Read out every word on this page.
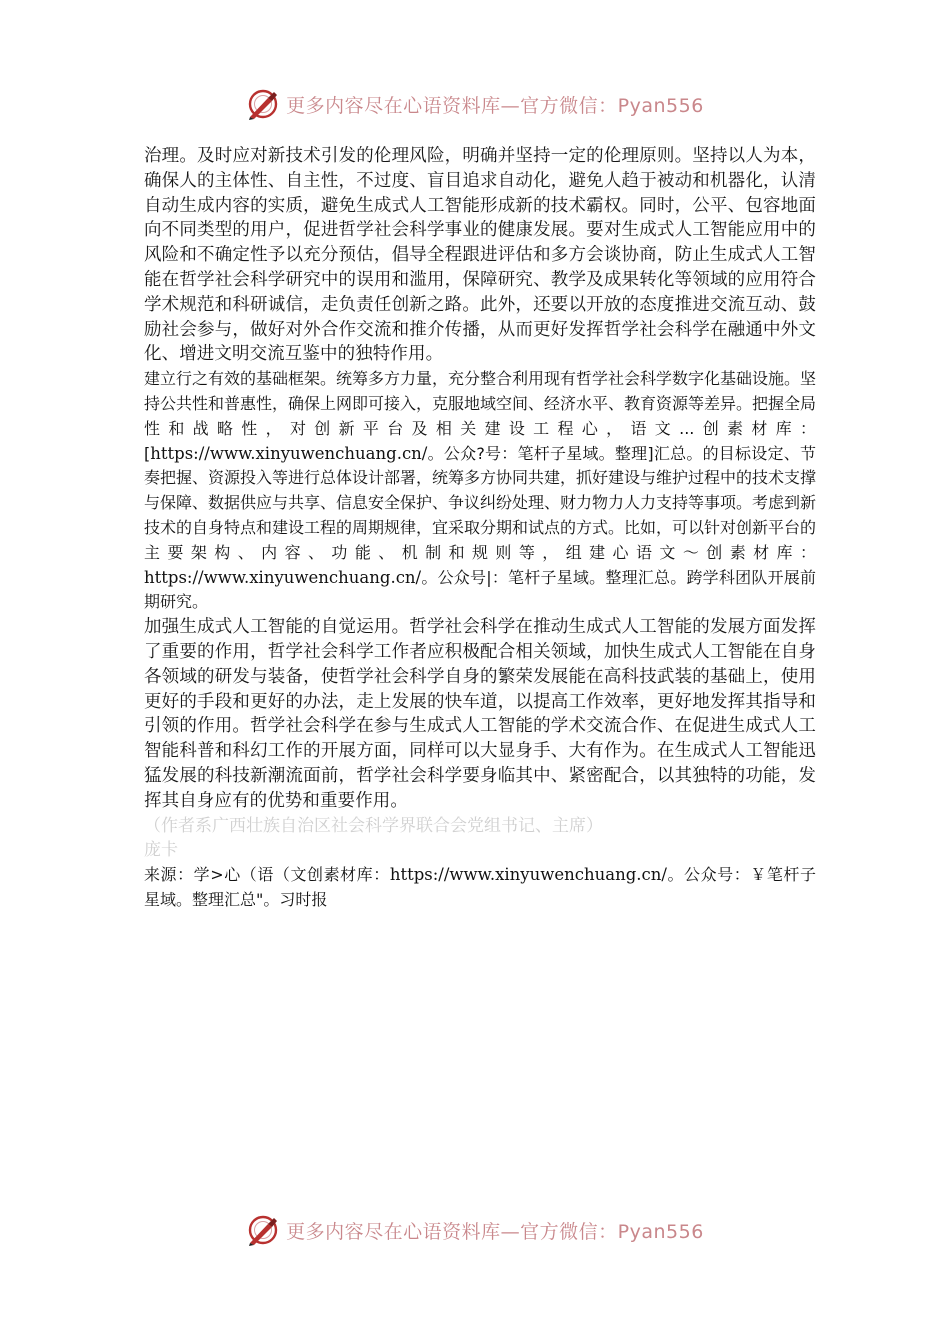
更多内容尽在心语资料库—官方微信：Pyan556

治理。及时应对新技术引发的伦理风险，明确并坚持一定的伦理原则。坚持以人为本，确保人的主体性、自主性，不过度、盲目追求自动化，避免人趋于被动和机器化，认清自动生成内容的实质，避免生成式人工智能形成新的技术霸权。同时，公平、包容地面向不同类型的用户，促进哲学社会科学事业的健康发展。要对生成式人工智能应用中的风险和不确定性予以充分预估，倡导全程跟进评估和多方会谈协商，防止生成式人工智能在哲学社会科学研究中的误用和滥用，保障研究、教学及成果转化等领域的应用符合学术规范和科研诚信，走负责任创新之路。此外，还要以开放的态度推进交流互动、鼓励社会参与，做好对外合作交流和推介传播，从而更好发挥哲学社会科学在融通中外文化、增进文明交流互鉴中的独特作用。

建立行之有效的基础框架。统筹多方力量，充分整合利用现有哲学社会科学数字化基础设施。坚持公共性和普惠性，确保上网即可接入，克服地域空间、经济水平、教育资源等差异。把握全局性和战略性，对创新平台及相关建设工程心，语文...创素材库：[https://www.xinyuwenchuang.cn/。公众?号：笔杆子星域。整理]汇总。的目标设定、节奏把握、资源投入等进行总体设计部署，统筹多方协同共建，抓好建设与维护过程中的技术支撑与保障、数据供应与共享、信息安全保护、争议纠纷处理、财力物力人力支持等事项。考虑到新技术的自身特点和建设工程的周期规律，宜采取分期和试点的方式。比如，可以针对创新平台的主要架构、内容、功能、机制和规则等，组建心语文～创素材库：https://www.xinyuwenchuang.cn/。公众号|：笔杆子星域。整理汇总。跨学科团队开展前期研究。

加强生成式人工智能的自觉运用。哲学社会科学在推动生成式人工智能的发展方面发挥了重要的作用，哲学社会科学工作者应积极配合相关领域，加快生成式人工智能在自身各领域的研发与装备，使哲学社会科学自身的繁荣发展能在高科技武装的基础上，使用更好的手段和更好的办法，走上发展的快车道，以提高工作效率，更好地发挥其指导和引领的作用。哲学社会科学在参与生成式人工智能的学术交流合作、在促进生成式人工智能科普和科幻工作的开展方面，同样可以大显身手、大有作为。在生成式人工智能迅猛发展的科技新潮流面前，哲学社会科学要身临其中、紧密配合，以其独特的功能，发挥其自身应有的优势和重要作用。

（作者系广西壮族自治区社会科学界联合会党组书记、主席）

庞卡

来源：学>心（语（文创素材库：https://www.xinyuwenchuang.cn/。公众号：￥笔杆子星域。整理汇总"。习时报

更多内容尽在心语资料库—官方微信：Pyan556
